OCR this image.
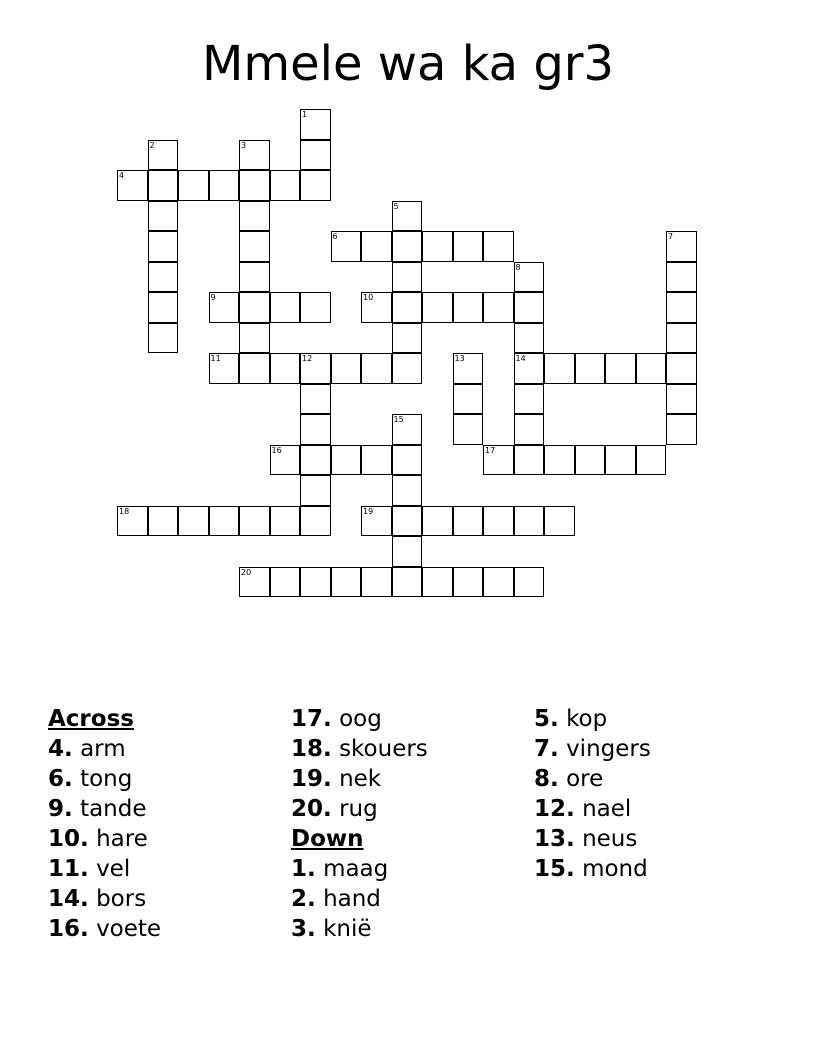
Mmele wa ka gr3
1
2	3
4
5
6	7
8
9	10
11	12	13	14
15
16	17
18	19
20
Across
4. arm
6. tong
9. tande
10. hare
11. vel
14. bors
16. voete
17. oog
18. skouers
19. nek
20. rug
Down
1. maag
2. hand
3. knië
5. kop
7. vingers
8. ore
12. nael
13. neus
15. mond
